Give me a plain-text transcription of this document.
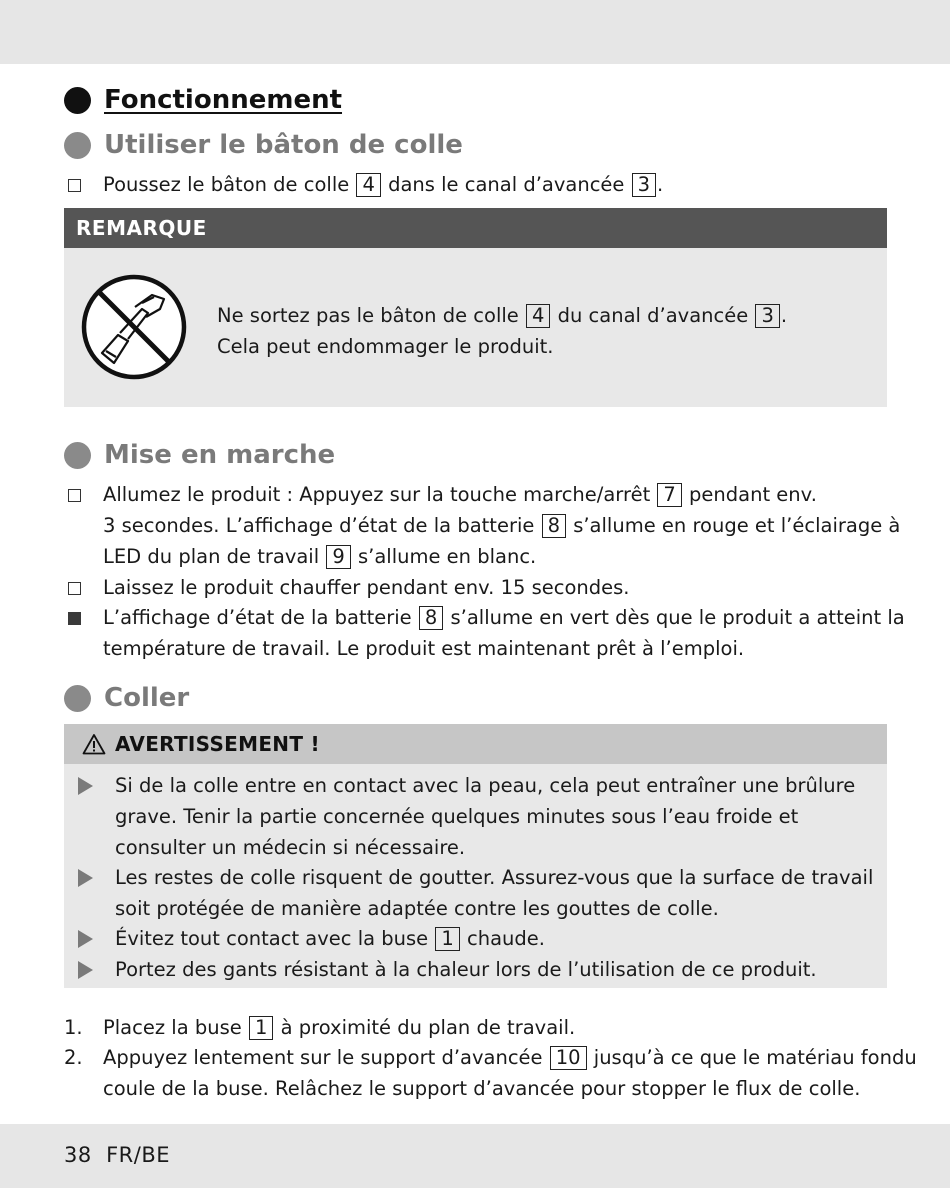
Fonctionnement
Utiliser le bâton de colle
Poussez le bâton de colle 4 dans le canal d’avancée 3 .
REMARQUE
Ne sortez pas le bâton de colle 4 du canal d’avancée 3 .
Cela peut endommager le produit.
Mise en marche
Allumez le produit : Appuyez sur la touche marche/arrêt 7 pendant env.
3 secondes. L’affichage d’état de la batterie 8 s’allume en rouge et l’éclairage à
LED du plan de travail 9 s’allume en blanc.
Laissez le produit chauffer pendant env. 15 secondes.
L’affichage d’état de la batterie 8 s’allume en vert dès que le produit a atteint la
température de travail. Le produit est maintenant prêt à l’emploi.
Coller
AVERTISSEMENT !
Si de la colle entre en contact avec la peau, cela peut entraîner une brûlure grave. Tenir la partie concernée quelques minutes sous l’eau froide et consulter un médecin si nécessaire.
Les restes de colle risquent de goutter. Assurez-vous que la surface de travail soit protégée de manière adaptée contre les gouttes de colle.
Évitez tout contact avec la buse 1 chaude.
Portez des gants résistant à la chaleur lors de l’utilisation de ce produit.
1. Placez la buse 1 à proximité du plan de travail.
2. Appuyez lentement sur le support d’avancée 10 jusqu’à ce que le matériau fondu
coule de la buse. Relâchez le support d’avancée pour stopper le flux de colle.
38 FR/BE
